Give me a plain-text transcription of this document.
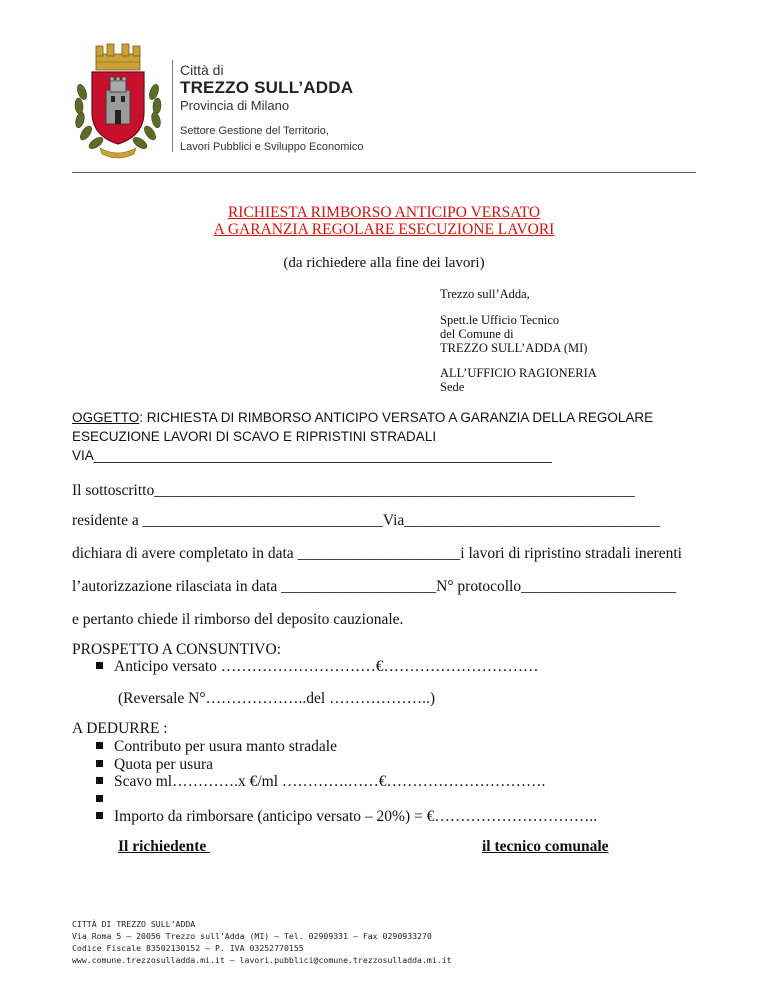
Città di
TREZZO SULL’ADDA
Provincia di Milano
Settore Gestione del Territorio,
Lavori Pubblici e Sviluppo Economico
RICHIESTA RIMBORSO ANTICIPO VERSATO
A GARANZIA REGOLARE ESECUZIONE LAVORI
(da richiedere alla fine dei lavori)
Trezzo sull’Adda,
Spett.le Ufficio Tecnico
del Comune di
TREZZO SULL’ADDA (MI)
ALL’UFFICIO RAGIONERIA
Sede
OGGETTO: RICHIESTA DI RIMBORSO ANTICIPO VERSATO A GARANZIA DELLA REGOLARE
ESECUZIONE LAVORI DI SCAVO E RIPRISTINI STRADALI
VIA_____________________________________________________________
Il sottoscritto______________________________________________________________
residente a _______________________________Via_________________________________
dichiara di avere completato in data _____________________i lavori di ripristino stradali inerenti
l’autorizzazione rilasciata in data ____________________N° protocollo____________________
e pertanto chiede il rimborso del deposito cauzionale.
PROSPETTO A CONSUNTIVO:
Anticipo versato …………………………€…………………………
(Reversale N°………………..del ………………..)
A DEDURRE :
Contributo per usura manto stradale
Quota per usura
Scavo ml………….x €/ml ………….……€………………………….
Importo da rimborsare (anticipo versato – 20%) = €…………………………..
Il richiedente	il tecnico comunale
CITTÀ DI TREZZO SULL’ADDA
Via Roma 5 – 20056 Trezzo sull’Adda (MI) – Tel. 02909331 – Fax 0290933270
Codice Fiscale 83502130152 – P. IVA 03252770155
www.comune.trezzosulladda.mi.it – lavori.pubblici@comune.trezzosulladda.mi.it
